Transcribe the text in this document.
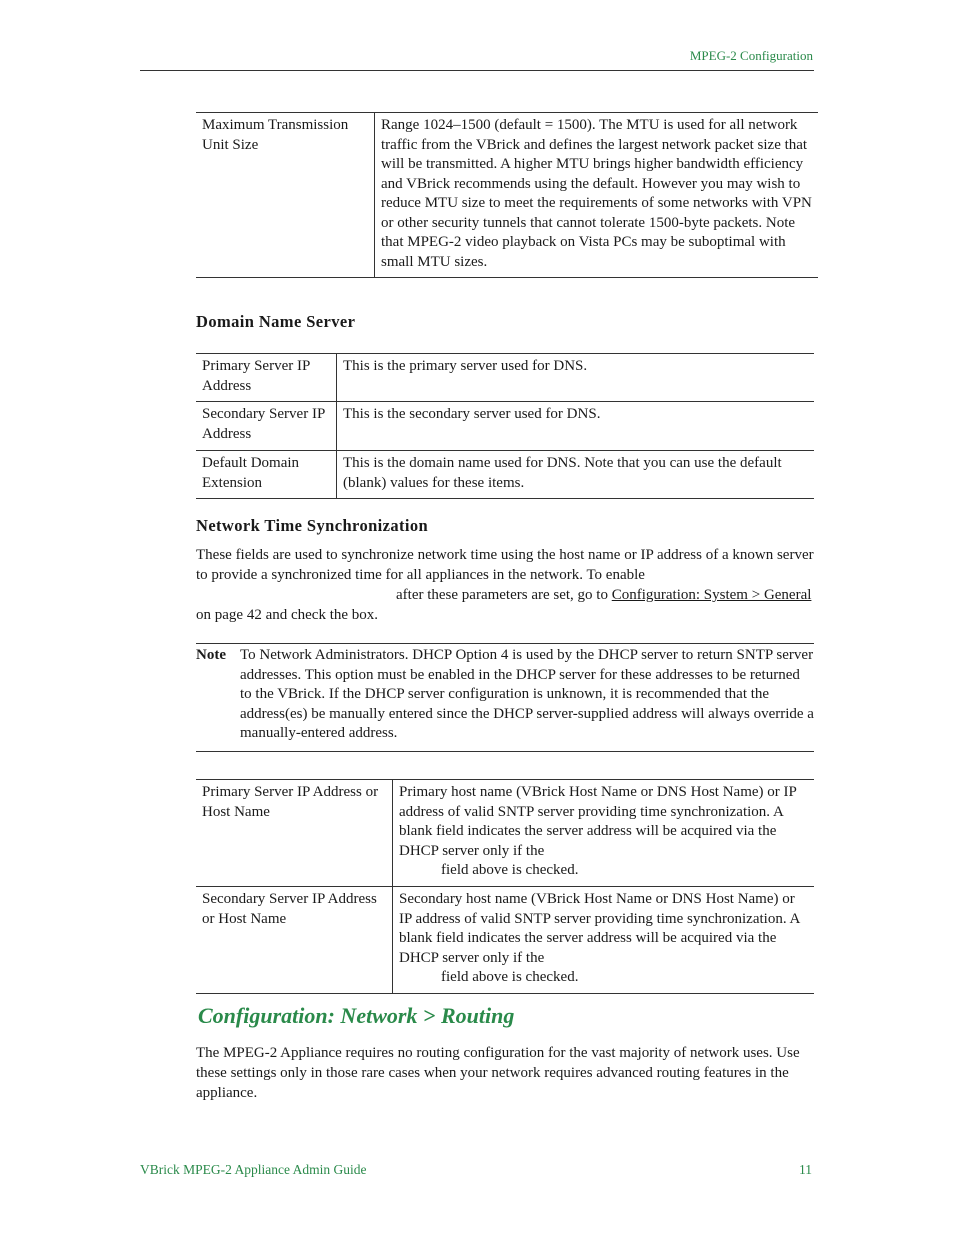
MPEG-2 Configuration
Maximum Transmission Unit Size	Range 1024–1500 (default = 1500). The MTU is used for all network traffic from the VBrick and defines the largest network packet size that will be transmitted. A higher MTU brings higher bandwidth efficiency and VBrick recommends using the default. However you may wish to reduce MTU size to meet the requirements of some networks with VPN or other security tunnels that cannot tolerate 1500-byte packets. Note that MPEG-2 video playback on Vista PCs may be suboptimal with small MTU sizes.
Domain Name Server
Primary Server IP Address	This is the primary server used for DNS.
Secondary Server IP Address	This is the secondary server used for DNS.
Default Domain Extension	This is the domain name used for DNS. Note that you can use the default (blank) values for these items.
Network Time Synchronization
These fields are used to synchronize network time using the host name or IP address of a known server to provide a synchronized time for all appliances in the network. To enable
after these parameters are set, go to Configuration: System > General on page 42 and check the box.
Note To Network Administrators. DHCP Option 4 is used by the DHCP server to return SNTP server addresses. This option must be enabled in the DHCP server for these addresses to be returned to the VBrick. If the DHCP server configuration is unknown, it is recommended that the address(es) be manually entered since the DHCP server-supplied address will always override a manually-entered address.
Primary Server IP Address or Host Name	Primary host name (VBrick Host Name or DNS Host Name) or IP address of valid SNTP server providing time synchronization. A blank field indicates the server address will be acquired via the DHCP server only if the
field above is checked.

Secondary Server IP Address or Host Name	Secondary host name (VBrick Host Name or DNS Host Name) or IP address of valid SNTP server providing time synchronization. A blank field indicates the server address will be acquired via the DHCP server only if the
field above is checked.
Configuration: Network > Routing
The MPEG-2 Appliance requires no routing configuration for the vast majority of network uses. Use these settings only in those rare cases when your network requires advanced routing features in the appliance.
VBrick MPEG-2 Appliance Admin Guide	11
